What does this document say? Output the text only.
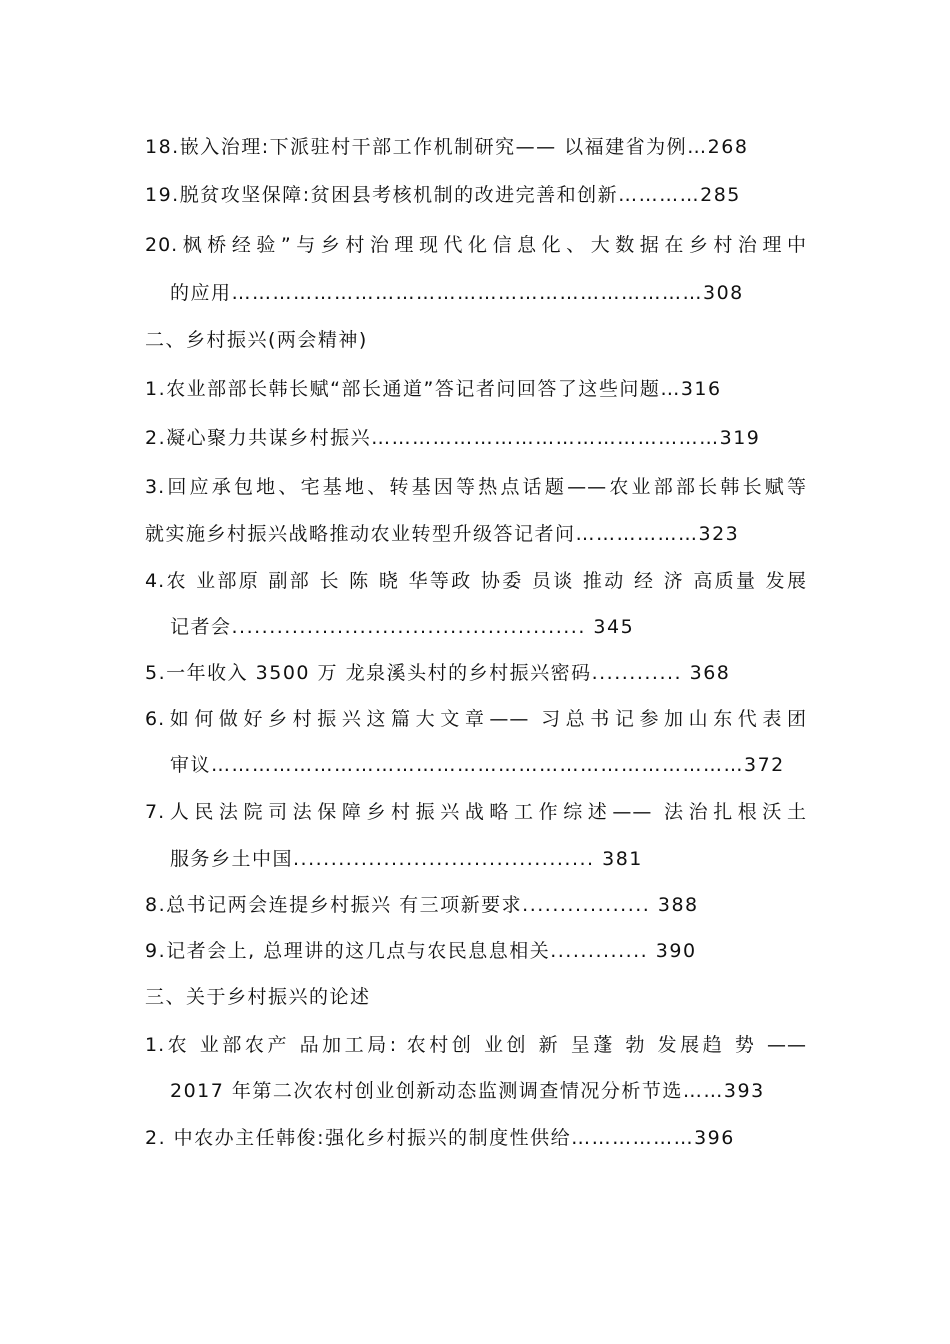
18.嵌入治理:下派驻村干部工作机制研究—— 以福建省为例…268
19.脱贫攻坚保障:贫困县考核机制的改进完善和创新…………285
20.枫桥经验”与乡村治理现代化信息化、大数据在乡村治理中
的应用……………………………………………………………308
二、乡村振兴(两会精神)
1.农业部部长韩长赋“部长通道”答记者问回答了这些问题…316
2.凝心聚力共谋乡村振兴……………………………………………319
3.回应承包地、宅基地、转基因等热点话题——农业部部长韩长赋等
就实施乡村振兴战略推动农业转型升级答记者问………………323
4.农 业部原 副部 长 陈 晓 华等政 协委 员谈 推动 经 济 高质量 发展
记者会............................................... 345
5.一年收入 3500 万 龙泉溪头村的乡村振兴密码............ 368
6.如何做好乡村振兴这篇大文章—— 习总书记参加山东代表团
审议……………………………………………………………………372
7.人民法院司法保障乡村振兴战略工作综述—— 法治扎根沃土
服务乡土中国........................................ 381
8.总书记两会连提乡村振兴 有三项新要求................. 388
9.记者会上, 总理讲的这几点与农民息息相关............. 390
三、关于乡村振兴的论述
1.农 业部农产 品加工局: 农村创 业创 新 呈蓬 勃 发展趋 势 ——
2017 年第二次农村创业创新动态监测调查情况分析节选……393
2. 中农办主任韩俊:强化乡村振兴的制度性供给………………396
